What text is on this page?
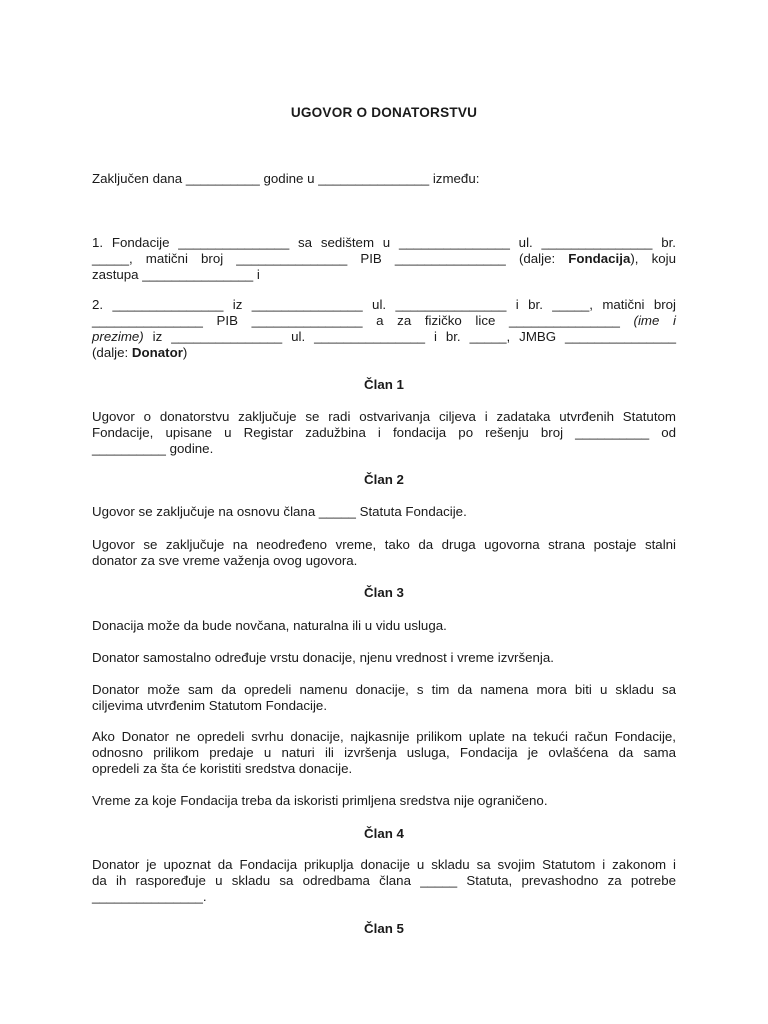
UGOVOR O DONATORSTVU
Zaključen dana __________ godine u _______________ između:
1. Fondacije _______________ sa sedištem u _______________ ul. _______________ br.
_____, matični broj _______________ PIB _______________ (dalje: Fondacija), koju
zastupa _______________ i
2. _______________ iz _______________ ul. _______________ i br. _____, matični broj
_______________ PIB _______________ a za fizičko lice _______________ (ime i
prezime) iz _______________ ul. _______________ i br. _____, JMBG _______________
(dalje: Donator)
Član 1
Ugovor o donatorstvu zaključuje se radi ostvarivanja ciljeva i zadataka utvrđenih Statutom
Fondacije, upisane u Registar zadužbina i fondacija po rešenju broj __________ od
__________ godine.
Član 2
Ugovor se zaključuje na osnovu člana _____ Statuta Fondacije.
Ugovor se zaključuje na neodređeno vreme, tako da druga ugovorna strana postaje stalni
donator za sve vreme važenja ovog ugovora.
Član 3
Donacija može da bude novčana, naturalna ili u vidu usluga.
Donator samostalno određuje vrstu donacije, njenu vrednost i vreme izvršenja.
Donator može sam da opredeli namenu donacije, s tim da namena mora biti u skladu sa
ciljevima utvrđenim Statutom Fondacije.
Ako Donator ne opredeli svrhu donacije, najkasnije prilikom uplate na tekući račun Fondacije,
odnosno prilikom predaje u naturi ili izvršenja usluga, Fondacija je ovlašćena da sama
opredeli za šta će koristiti sredstva donacije.
Vreme za koje Fondacija treba da iskoristi primljena sredstva nije ograničeno.
Član 4
Donator je upoznat da Fondacija prikuplja donacije u skladu sa svojim Statutom i zakonom i
da ih raspoređuje u skladu sa odredbama člana _____ Statuta, prevashodno za potrebe
_______________.
Član 5
